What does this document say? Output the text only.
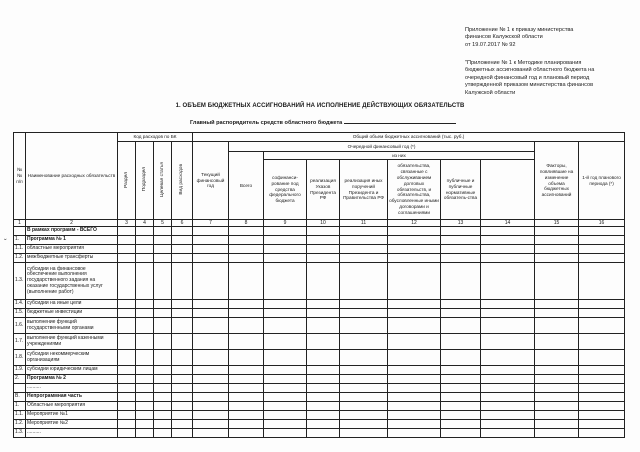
Приложение № 1 к приказу министерства
финансов Калужской области
от 19.07.2017 № 92
"Приложение № 1 к Методике планирования
бюджетных ассигнований областного бюджета на
очередной финансовый год и плановый период
утвержденной приказом министерства финансов
Калужской области
1. ОБЪЕМ БЮДЖЕТНЫХ АССИГНОВАНИЙ НА ИСПОЛНЕНИЕ ДЕЙСТВУЮЩИХ ОБЯЗАТЕЛЬСТВ
Главный распорядитель средств областного бюджета
ˇ
№№ п/п	Наименование расходных обязательств	Код расходов по БК				Общий объем бюджетных ассигнований (тыс. руб.)										
		Раздел	Подраздел	Целевая статья	Вид расходов	Текущий финансовый год	Очередной финансовый год (*)							Факторы, повлиявшие на изменение объема бюджетных ассигнований	1-й год планового периода (*)	
							Всего	из них								
								софинанси-рование под средства федерального бюджета	реализация Указов Президента РФ	реализация иных поручений Президента и Правительства РФ	обязательства, связанные с обслуживанием долговых обязательств, и обязательства, обусловленные иными договорами и соглашениями	публичные и публичные нормативные обязатель-ства				
1	2	3	4	5	6	7	8	9	10	11	12	13	14	15	16	
	В рамках программ - ВСЕГО															
1.	Программа № 1															
1.1.	областные мероприятия															
1.2.	межбюджетные трансферты															
1.3.	субсидии на финансовое обеспечение выполнения государственного задания на оказание государственных услуг (выполнение работ)															
1.4.	субсидии на иные цели															
1.5.	бюджетные инвестиции															
1.6.	выполнение функций государственными органами															
1.7.	выполнение функций казенными учреждениями															
1.8.	субсидии некоммерческим организациям															
1.9.	субсидии юридическим лицам															
2.	Программа № 2															
	..........															
B.	Непрограммная часть															
1.	Областные мероприятия															
1.1.	Мероприятие №1															
1.2.	Мероприятие №2															
1.3.	..........															
